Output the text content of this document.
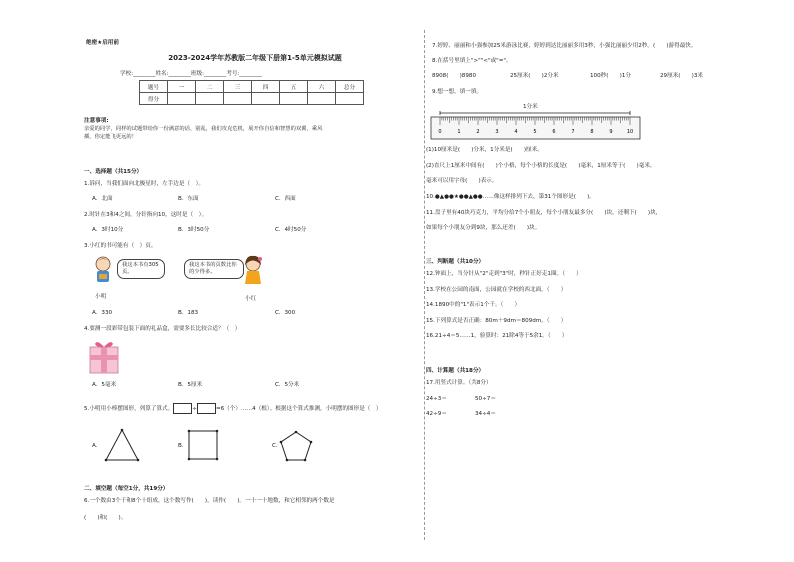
绝密★启用前
2023-2024学年苏教版二年级下册第1-5单元模拟试题
学校:________姓名:________班级:________考号:________
题号	一	二	三	四	五	六	总分
得分							
注意事项:
亲爱的同学，同样的试题带给你一份满意的话，别乱，我们攻克危机，展开你自信和智慧的双翼，乘风
插，你定能飞更远的！
一、选择题（共15分）
1.诉问，当我们面向北极星时，左手边是（　）。
A．北面	B．东面	C．西面
2.时针在3和4之间，分针指向10，这时是（　）。
A．3时10分	B．3时50分	C．4时50分
3.小红的书可能有（　）页。
我这本书有305页。
小明
我这本书的页数比你的少得多。
小红
A．330	B．183	C．300
4.要测一段彩带包装下面的礼品盒，需要多长比较合适？（　）
A．5毫米	B．5厘米	C．5分米
5.小明用小棒摆图形，列算了算式。	÷	=6（个）……4（根）。根据这个算式推测，小明摆的图形是（　）
A．	B．	C．
二、填空题（每空1分，共19分）
6.一个数由3个千和8个十组成，这个数写作(　　)，读作(　　)。一十一十地数，和它相邻的两个数是
(　　)和(　　)。
7.婷婷、丽丽和小强参加25米游泳比赛，婷婷到达比丽丽多用3秒，小强比丽丽少用2秒。(　　)游得最快。
8.在括号里填上">""<"或"="。
8908(　　)8980	25厘米(　　)2分米	100秒(　　)1分	29厘米(　　)3米
9.想一想，填一填。
1分米
0	1	2	3	4	5	6	7	8	9	10
(1)10厘米是(　　)分米，1分米是(　　)厘米。
(2)直尺上1厘米中间有(　　)个小格，每个小格的长度是(　　)毫米，1厘米等于(　　)毫米。
毫米可以用字母(　　)表示。
10.●▲●●★●●▲●●……像这样排列下去，第31个图形是(　　)。
11.盘子里有40块巧克力，平均分给7个小朋友，每个小朋友最多分(　　)块，还剩下(　　)块，
如果每个小朋友分到9块，那么还差(　　)块。
三、判断题（共10分）
12.钟面上，当分针从"2"走到"3"时，秒针正好走1圈。（　　）
13.学校在公园的南面，公园就在学校的西北面。（　　）
14.1890中的"1"表示1个千。（　　）
15.下列算式是否正确：80m＋9dm＝809dm。（　　）
16.21÷4＝5……1，验算时：21除4等于5余1。（　　）
四、计算题（共18分）
17.用竖式计算。（共8分）
24÷3＝	50÷7＝
42÷9＝	34÷4＝
